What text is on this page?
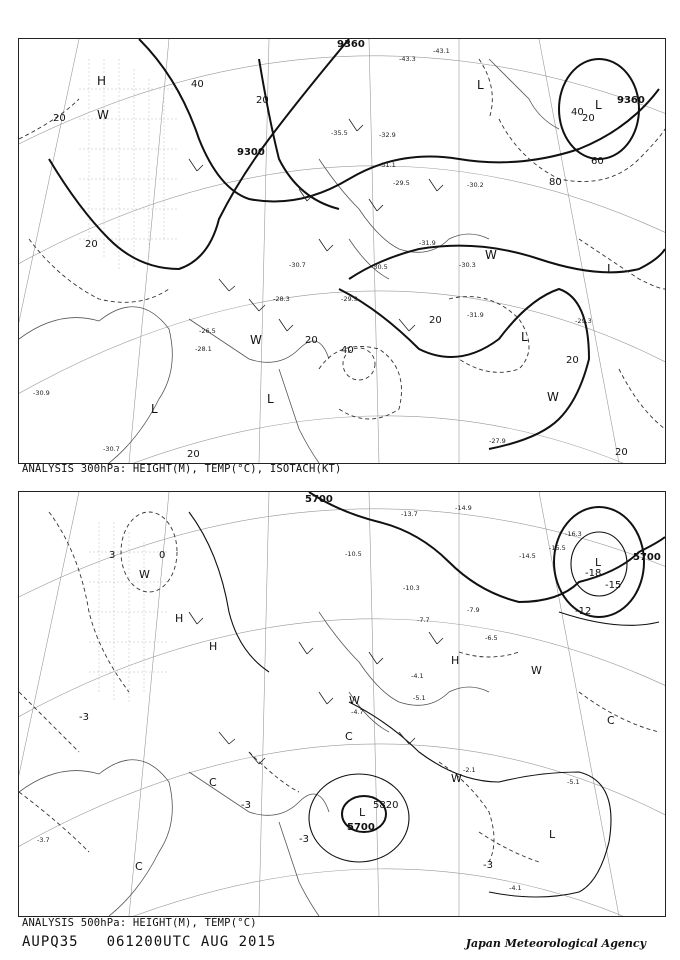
9360
9300
9360
40
20
60
80
20
40
20
20
40
20
20
20
20	20
H
W
L
L
L
W
W	L
L
L	W
-43.1
-43.3
-35.5	-32.9
-31.1
-29.5	-30.2
-30.3
-31.9
-29.9
-31.9
-28.3
-30.5
-30.7
-27.9
-29.3
-30.9
-28.1
-26.5
-30.7
ANALYSIS 300hPa: HEIGHT(M), TEMP(°C), ISOTACH(KT)
5700
5700
5820
5700
-18
-15
-12
-3
-3
-3
-3
3	0
W
H
W
C
L
L
W
W
C
C
L
C
H
H
-14.9
-13.7
-10.5
-10.3
-7.9
-7.7
-6.5
-5.1
-4.7
-4.1
-2.1
-16.3
-15.5
-14.5
-3.7
-5.1
-4.1
ANALYSIS 500hPa: HEIGHT(M), TEMP(°C)
AUPQ35 061200UTC AUG 2015	Japan Meteorological Agency
